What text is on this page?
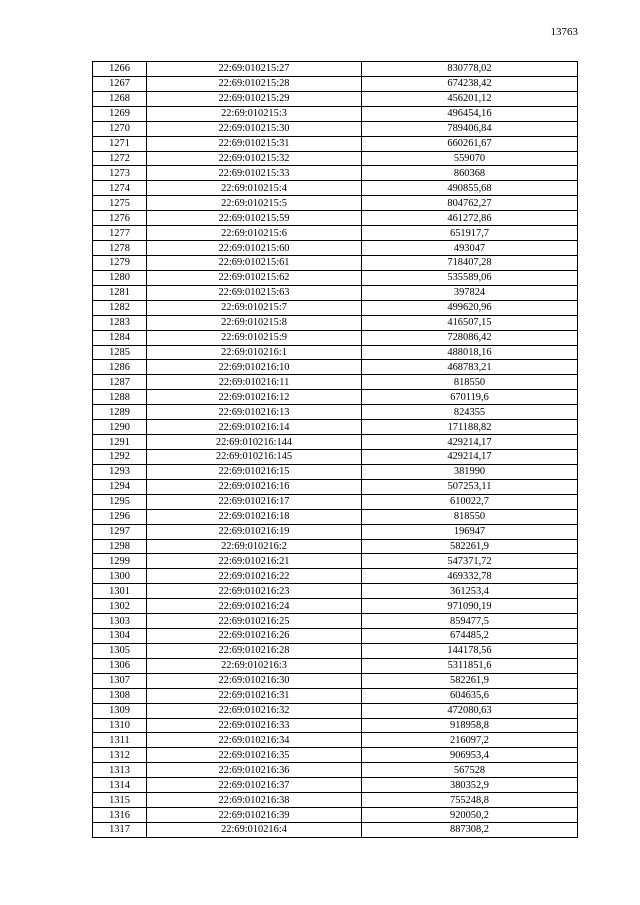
13763
1266	22:69:010215:27	830778,02
1267	22:69:010215:28	674238,42
1268	22:69:010215:29	456201,12
1269	22:69:010215:3	496454,16
1270	22:69:010215:30	789406,84
1271	22:69:010215:31	660261,67
1272	22:69:010215:32	559070
1273	22:69:010215:33	860368
1274	22:69:010215:4	490855,68
1275	22:69:010215:5	804762,27
1276	22:69:010215:59	461272,86
1277	22:69:010215:6	651917,7
1278	22:69:010215:60	493047
1279	22:69:010215:61	718407,28
1280	22:69:010215:62	535589,06
1281	22:69:010215:63	397824
1282	22:69:010215:7	499620,96
1283	22:69:010215:8	416507,15
1284	22:69:010215:9	728086,42
1285	22:69:010216:1	488018,16
1286	22:69:010216:10	468783,21
1287	22:69:010216:11	818550
1288	22:69:010216:12	670119,6
1289	22:69:010216:13	824355
1290	22:69:010216:14	171188,82
1291	22:69:010216:144	429214,17
1292	22:69:010216:145	429214,17
1293	22:69:010216:15	381990
1294	22:69:010216:16	507253,11
1295	22:69:010216:17	610022,7
1296	22:69:010216:18	818550
1297	22:69:010216:19	196947
1298	22:69:010216:2	582261,9
1299	22:69:010216:21	547371,72
1300	22:69:010216:22	469332,78
1301	22:69:010216:23	361253,4
1302	22:69:010216:24	971090,19
1303	22:69:010216:25	859477,5
1304	22:69:010216:26	674485,2
1305	22:69:010216:28	144178,56
1306	22:69:010216:3	5311851,6
1307	22:69:010216:30	582261,9
1308	22:69:010216:31	604635,6
1309	22:69:010216:32	472080,63
1310	22:69:010216:33	918958,8
1311	22:69:010216:34	216097,2
1312	22:69:010216:35	906953,4
1313	22:69:010216:36	567528
1314	22:69:010216:37	380352,9
1315	22:69:010216:38	755248,8
1316	22:69:010216:39	920050,2
1317	22:69:010216:4	887308,2
